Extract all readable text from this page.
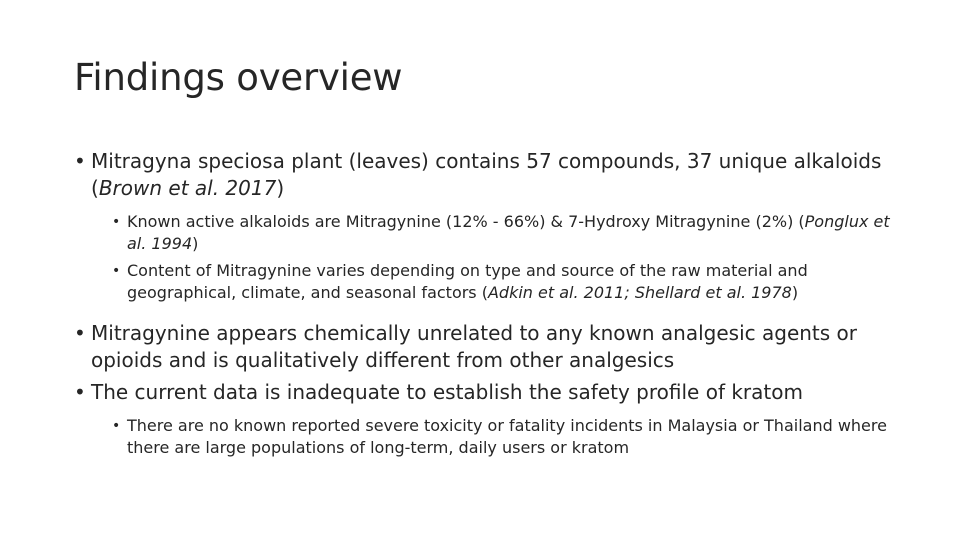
Findings overview

• Mitragyna speciosa plant (leaves) contains 57 compounds, 37 unique alkaloids (Brown et al. 2017)

• Known active alkaloids are Mitragynine (12% - 66%) & 7-Hydroxy Mitragynine (2%) (Ponglux et al. 1994)

• Content of Mitragynine varies depending on type and source of the raw material and geographical, climate, and seasonal factors (Adkin et al. 2011; Shellard et al. 1978)

• Mitragynine appears chemically unrelated to any known analgesic agents or opioids and is qualitatively different from other analgesics

• The current data is inadequate to establish the safety profile of kratom

• There are no known reported severe toxicity or fatality incidents in Malaysia or Thailand where there are large populations of long-term, daily users or kratom
